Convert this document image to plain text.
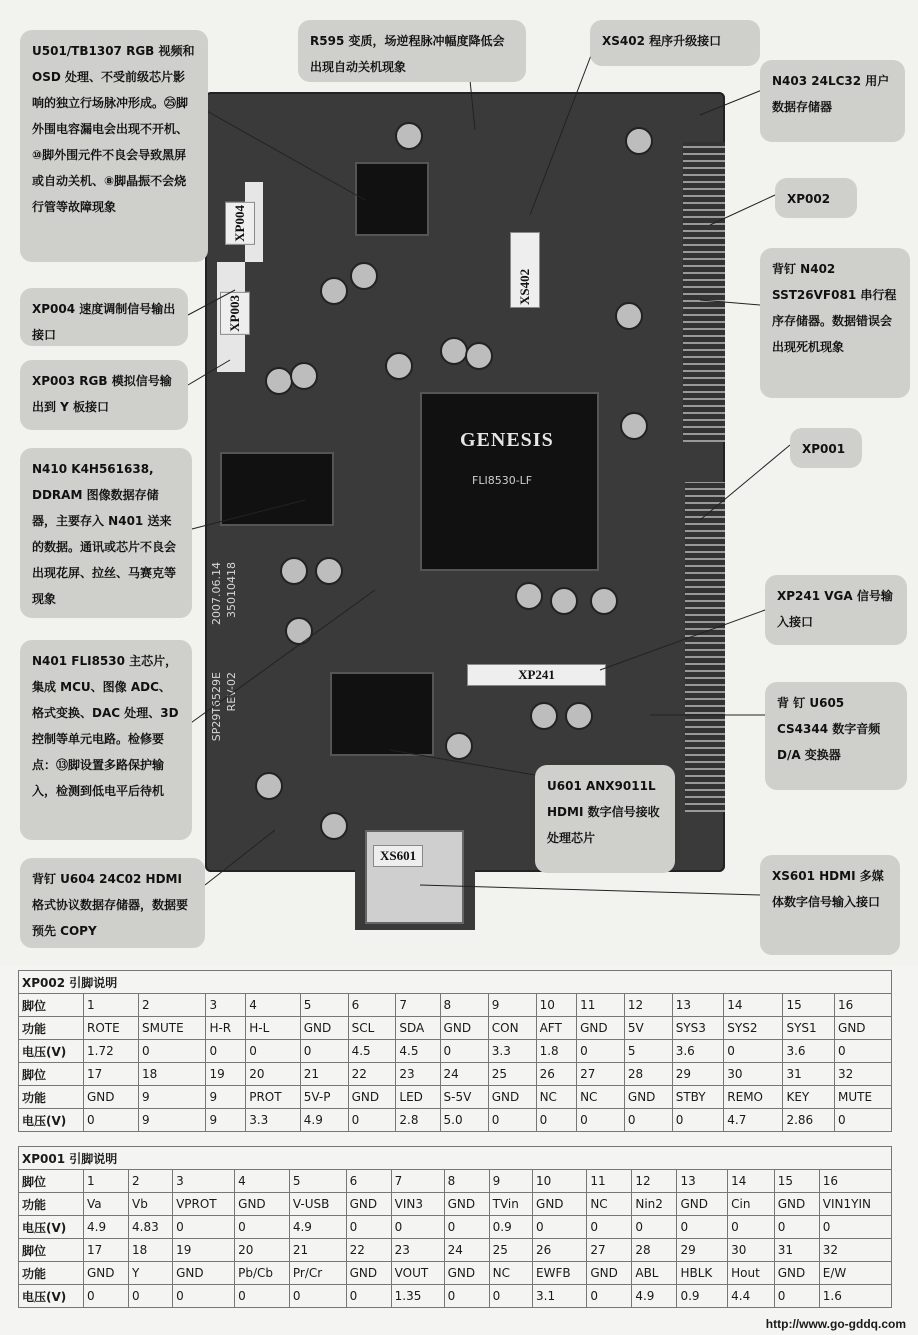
GENESIS
FLI8530-LF
2007.06.14 35010418
SP29T6529E REV-02
XS402
XP004
XP003
XP241
XS601
U501/TB1307 RGB 视频和 OSD 处理、不受前级芯片影响的独立行场脉冲形成。㉕脚外围电容漏电会出现不开机、⑩脚外围元件不良会导致黑屏或自动关机、⑧脚晶振不会烧行管等故障现象
R595 变质，场逆程脉冲幅度降低会出现自动关机现象
XS402 程序升级接口
N403 24LC32 用户数据存储器
XP002
XP004 速度调制信号输出接口
背钉 N402 SST26VF081 串行程序存储器。数据错误会出现死机现象
XP003 RGB 模拟信号输出到 Y 板接口
XP001
N410 K4H561638, DDRAM 图像数据存储器，主要存入 N401 送来的数据。通讯或芯片不良会出现花屏、拉丝、马赛克等现象	XP241 VGA 信号输入接口
N401 FLI8530 主芯片，集成 MCU、图像 ADC、格式变换、DAC 处理、3D 控制等单元电路。检修要点：⑬脚设置多路保护输入，检测到低电平后待机
背 钉 U605 CS4344 数字音频 D/A 变换器
U601 ANX9011L HDMI 数字信号接收处理芯片
背钉 U604 24C02 HDMI 格式协议数据存储器，数据要预先 COPY
XS601 HDMI 多媒体数字信号输入接口
XP002 引脚说明																
脚位	1	2	3	4	5	6	7	8	9	10	11	12	13	14	15	16
功能	ROTE	SMUTE	H-R	H-L	GND	SCL	SDA	GND	CON	AFT	GND	5V	SYS3	SYS2	SYS1	GND
电压(V)	1.72	0	0	0	0	4.5	4.5	0	3.3	1.8	0	5	3.6	0	3.6	0
脚位	17	18	19	20	21	22	23	24	25	26	27	28	29	30	31	32
功能	GND	9	9	PROT	5V-P	GND	LED	S-5V	GND	NC	NC	GND	STBY	REMO	KEY	MUTE
电压(V)	0	9	9	3.3	4.9	0	2.8	5.0	0	0	0	0	0	4.7	2.86	0
XP001 引脚说明																
脚位	1	2	3	4	5	6	7	8	9	10	11	12	13	14	15	16
功能	Va	Vb	VPROT	GND	V-USB	GND	VIN3	GND	TVin	GND	NC	Nin2	GND	Cin	GND	VIN1YIN
电压(V)	4.9	4.83	0	0	4.9	0	0	0	0.9	0	0	0	0	0	0	0
脚位	17	18	19	20	21	22	23	24	25	26	27	28	29	30	31	32
功能	GND	Y	GND	Pb/Cb	Pr/Cr	GND	VOUT	GND	NC	EWFB	GND	ABL	HBLK	Hout	GND	E/W
电压(V)	0	0	0	0	0	0	1.35	0	0	3.1	0	4.9	0.9	4.4	0	1.6
http://www.go-gddq.com
